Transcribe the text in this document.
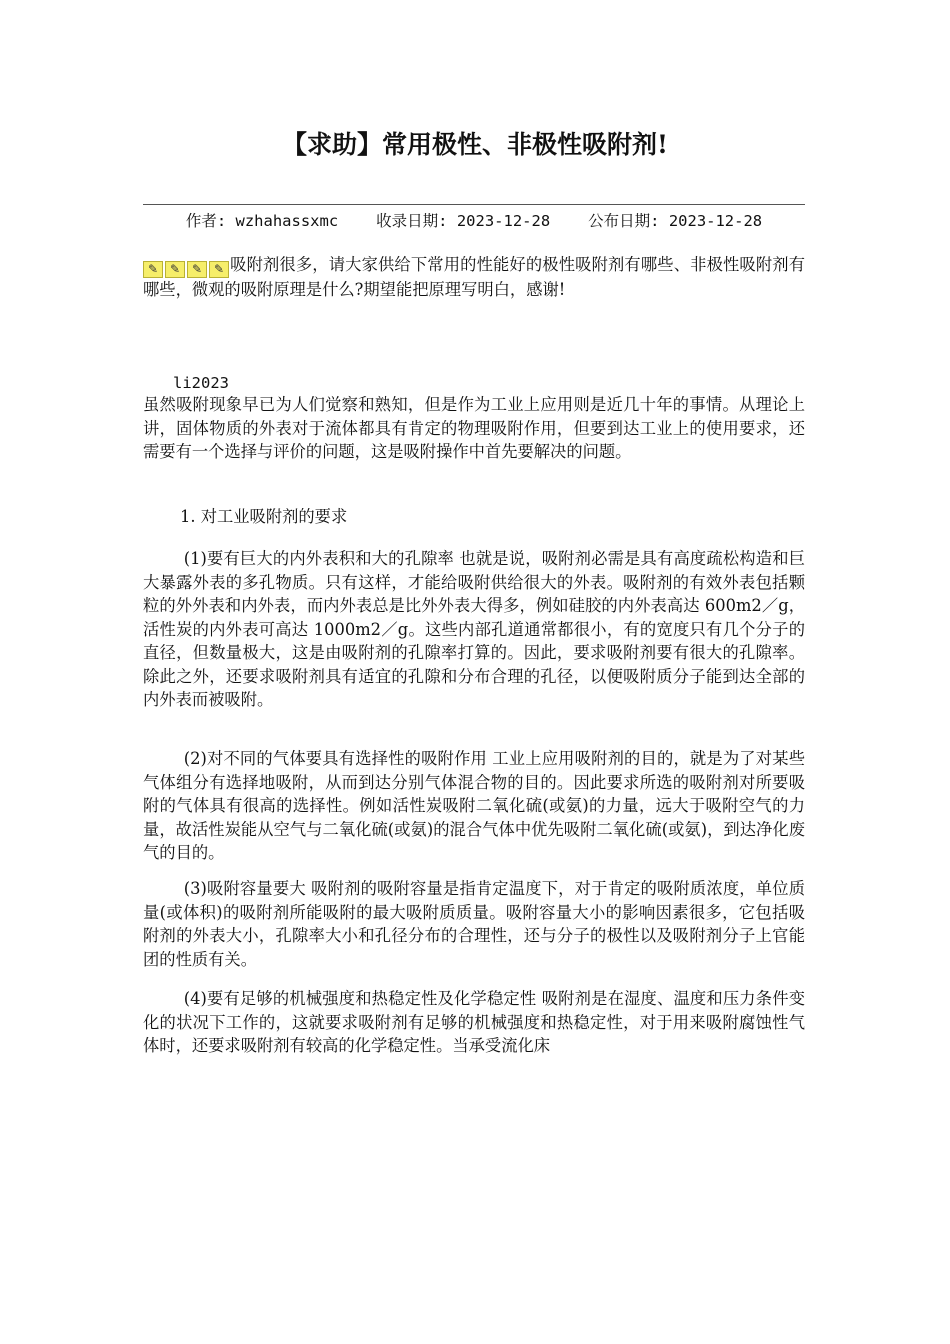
【求助】常用极性、非极性吸附剂!
作者: wzhahassxmc 收录日期: 2023-12-28 公布日期: 2023-12-28

✎ ✎ ✎ ✎ 吸附剂很多，请大家供给下常用的性能好的极性吸附剂有哪些、非极性吸附剂有哪些，微观的吸附原理是什么?期望能把原理写明白，感谢!

li2023

虽然吸附现象早已为人们觉察和熟知，但是作为工业上应用则是近几十年的事情。从理论上讲，固体物质的外表对于流体都具有肯定的物理吸附作用，但要到达工业上的使用要求，还需要有一个选择与评价的问题，这是吸附操作中首先要解决的问题。

1. 对工业吸附剂的要求

(1)要有巨大的内外表积和大的孔隙率 也就是说，吸附剂必需是具有高度疏松构造和巨大暴露外表的多孔物质。只有这样，才能给吸附供给很大的外表。吸附剂的有效外表包括颗粒的外外表和内外表，而内外表总是比外外表大得多，例如硅胶的内外表高达 600m2／g，活性炭的内外表可高达 1000m2／g。这些内部孔道通常都很小，有的宽度只有几个分子的直径，但数量极大，这是由吸附剂的孔隙率打算的。因此，要求吸附剂要有很大的孔隙率。除此之外，还要求吸附剂具有适宜的孔隙和分布合理的孔径，以便吸附质分子能到达全部的内外表而被吸附。

(2)对不同的气体要具有选择性的吸附作用 工业上应用吸附剂的目的，就是为了对某些气体组分有选择地吸附，从而到达分别气体混合物的目的。因此要求所选的吸附剂对所要吸附的气体具有很高的选择性。例如活性炭吸附二氧化硫(或氨)的力量，远大于吸附空气的力量，故活性炭能从空气与二氧化硫(或氨)的混合气体中优先吸附二氧化硫(或氨)，到达净化废气的目的。

(3)吸附容量要大 吸附剂的吸附容量是指肯定温度下，对于肯定的吸附质浓度，单位质量(或体积)的吸附剂所能吸附的最大吸附质质量。吸附容量大小的影响因素很多，它包括吸附剂的外表大小，孔隙率大小和孔径分布的合理性，还与分子的极性以及吸附剂分子上官能团的性质有关。

(4)要有足够的机械强度和热稳定性及化学稳定性 吸附剂是在湿度、温度和压力条件变化的状况下工作的，这就要求吸附剂有足够的机械强度和热稳定性，对于用来吸附腐蚀性气体时，还要求吸附剂有较高的化学稳定性。当承受流化床
